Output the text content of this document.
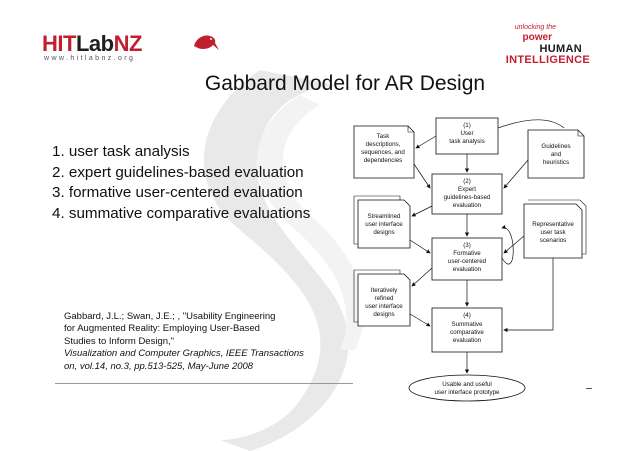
HITLabNZ
www.hitlabnz.org
unlocking the
power
HUMAN
INTELLIGENCE
Gabbard Model for AR Design
1. user task analysis
2. expert guidelines-based evaluation
3. formative user-centered evaluation
4. summative comparative evaluations
Gabbard, J.L.; Swan, J.E.; , "Usability Engineering
for Augmented Reality: Employing User-Based
Studies to Inform Design,"
Visualization and Computer Graphics, IEEE Transactions
on, vol.14, no.3, pp.513-525, May-June 2008
(1)
User
task analysis
(2)
Expert
guidelines-based
evaluation
(3)
Formative
user-centered
evaluation
(4)
Summative
comparative
evaluation
Usable and useful
user interface prototype
Task
descriptions,
sequences, and
dependencies
Guidelines
and
heuristics
Streamlined
user interface
designs
Representative
user task
scenarios
Iteratively
refined
user interface
designs
